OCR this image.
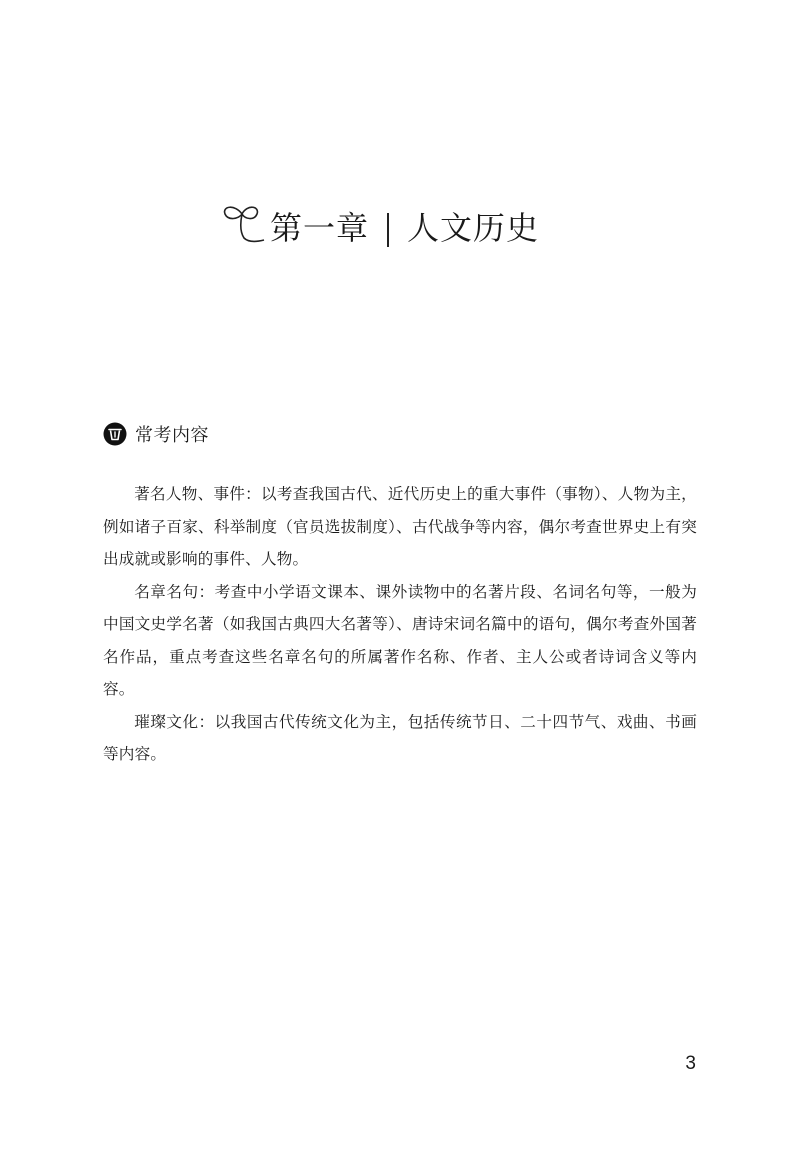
第一章 人文历史
常考内容

著名人物、事件：以考查我国古代、近代历史上的重大事件（事物）、人物为主，例如诸子百家、科举制度（官员选拔制度）、古代战争等内容，偶尔考查世界史上有突出成就或影响的事件、人物。

名章名句：考查中小学语文课本、课外读物中的名著片段、名词名句等，一般为中国文史学名著（如我国古典四大名著等）、唐诗宋词名篇中的语句，偶尔考查外国著名作品，重点考查这些名章名句的所属著作名称、作者、主人公或者诗词含义等内容。

璀璨文化：以我国古代传统文化为主，包括传统节日、二十四节气、戏曲、书画等内容。

3
